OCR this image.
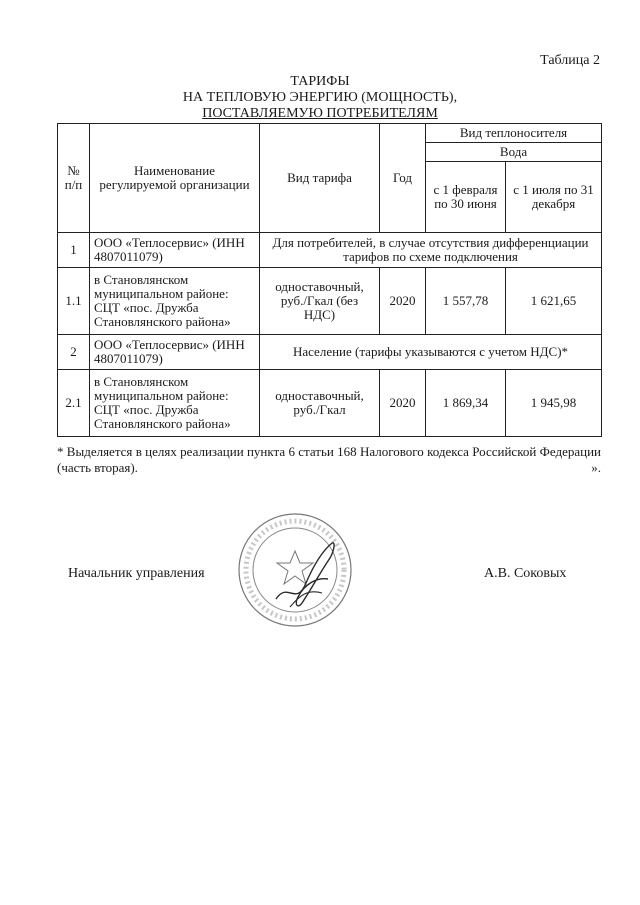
Таблица 2
ТАРИФЫ
НА ТЕПЛОВУЮ ЭНЕРГИЮ (МОЩНОСТЬ),
ПОСТАВЛЯЕМУЮ ПОТРЕБИТЕЛЯМ
№ п/п	Наименование регулируемой организации	Вид тарифа	Год	Вид теплоносителя	
				Вода	
				с 1 февраля по 30 июня	с 1 июля по 31 декабря
1	ООО «Теплосервис» (ИНН 4807011079)	Для потребителей, в случае отсутствия дифференциации тарифов по схеме подключения			
1.1	в Становлянском муниципальном районе: СЦТ «пос. Дружба Становлянского района»	одноставочный, руб./Гкал (без НДС)	2020	1 557,78	1 621,65
2	ООО «Теплосервис» (ИНН 4807011079)	Население (тарифы указываются с учетом НДС)*			
2.1	в Становлянском муниципальном районе: СЦТ «пос. Дружба Становлянского района»	одноставочный, руб./Гкал	2020	1 869,34	1 945,98
* Выделяется в целях реализации пункта 6 статьи 168 Налогового кодекса Российской Федерации (часть вторая).	».
Начальник управления	А.В. Соковых
